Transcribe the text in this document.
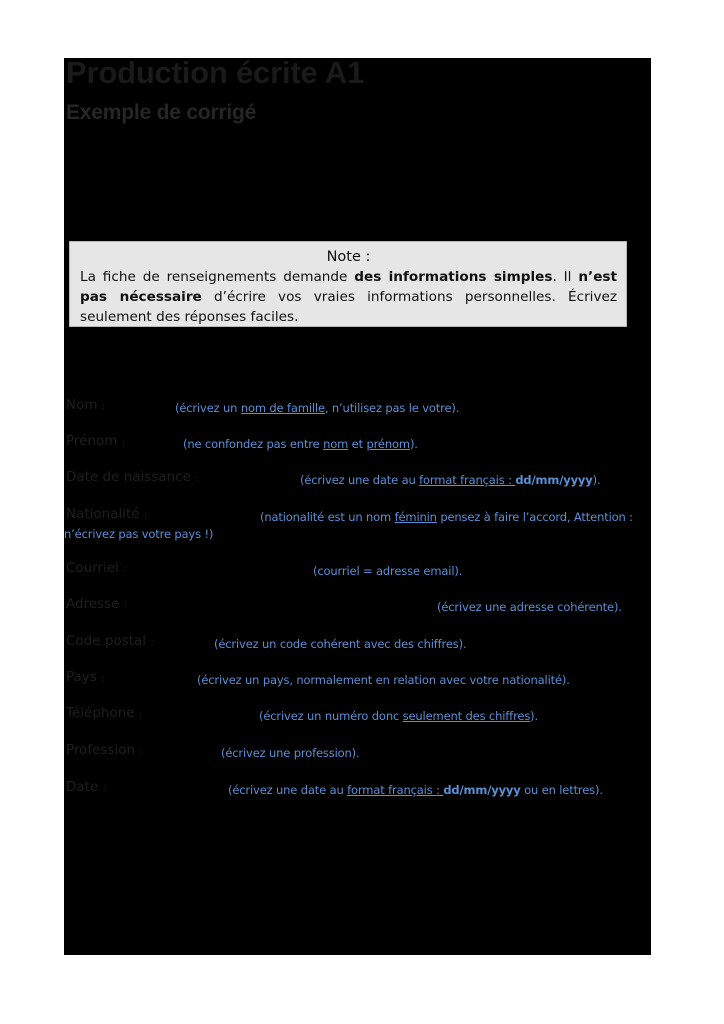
Production écrite A1
Exemple de corrigé
Note :
La fiche de renseignements demande des informations simples. Il n’est pas nécessaire d’écrire vos vraies informations personnelles. Écrivez seulement des réponses faciles.
Nom :	(écrivez un nom de famille, n’utilisez pas le votre).
Prénom :	(ne confondez pas entre nom et prénom).
Date de naissance :	(écrivez une date au format français : dd/mm/yyyy).
Nationalité :	(nationalité est un nom féminin pensez à faire l’accord, Attention :
n’écrivez pas votre pays !)
Courriel :	(courriel = adresse email).
Adresse :	(écrivez une adresse cohérente).
Code postal :	(écrivez un code cohérent avec des chiffres).
Pays :	(écrivez un pays, normalement en relation avec votre nationalité).
Téléphone :	(écrivez un numéro donc seulement des chiffres).
Profession :	(écrivez une profession).
Date :	(écrivez une date au format français : dd/mm/yyyy ou en lettres).
